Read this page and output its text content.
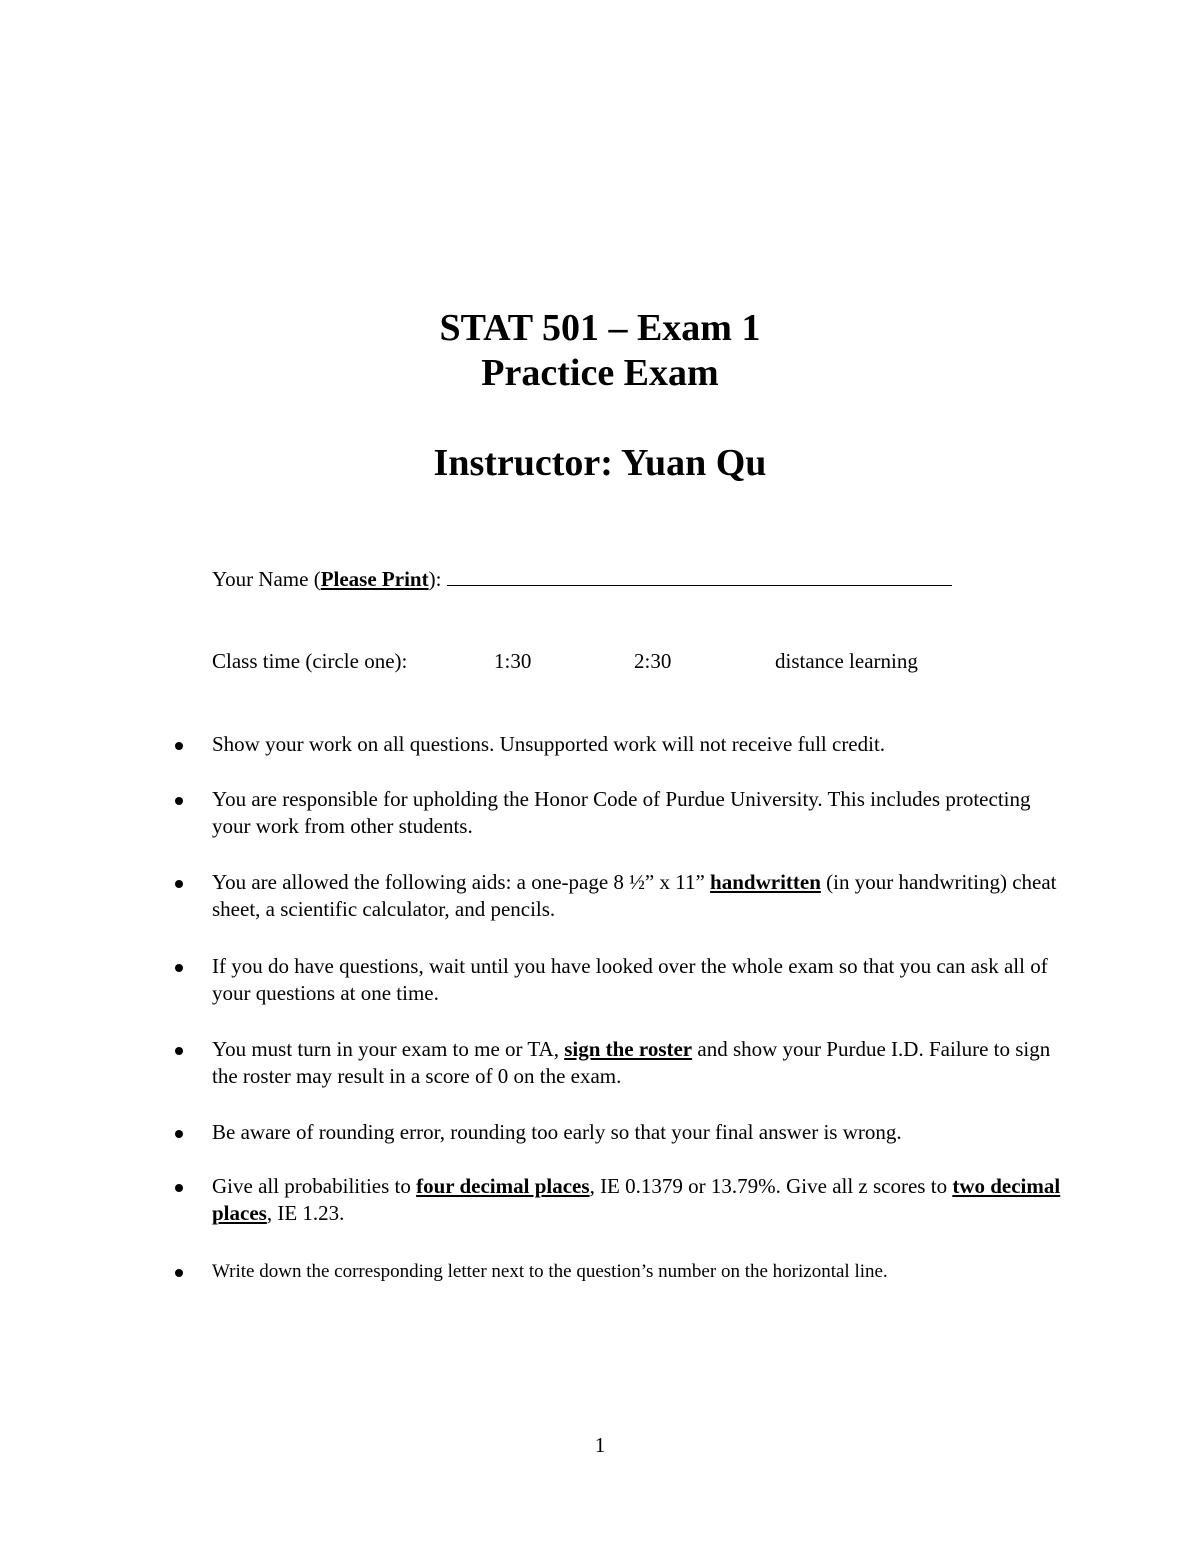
STAT 501 – Exam 1
Practice Exam
Instructor: Yuan Qu
Your Name (Please Print):
Class time (circle one):	1:30	2:30	distance learning
Show your work on all questions. Unsupported work will not receive full credit.
You are responsible for upholding the Honor Code of Purdue University. This includes protecting your work from other students.
You are allowed the following aids: a one-page 8 ½” x 11” handwritten (in your handwriting) cheat sheet, a scientific calculator, and pencils.
If you do have questions, wait until you have looked over the whole exam so that you can ask all of your questions at one time.
You must turn in your exam to me or TA, sign the roster and show your Purdue I.D. Failure to sign the roster may result in a score of 0 on the exam.
Be aware of rounding error, rounding too early so that your final answer is wrong.
Give all probabilities to four decimal places, IE 0.1379 or 13.79%. Give all z scores to two decimal places, IE 1.23.
Write down the corresponding letter next to the question’s number on the horizontal line.
1
